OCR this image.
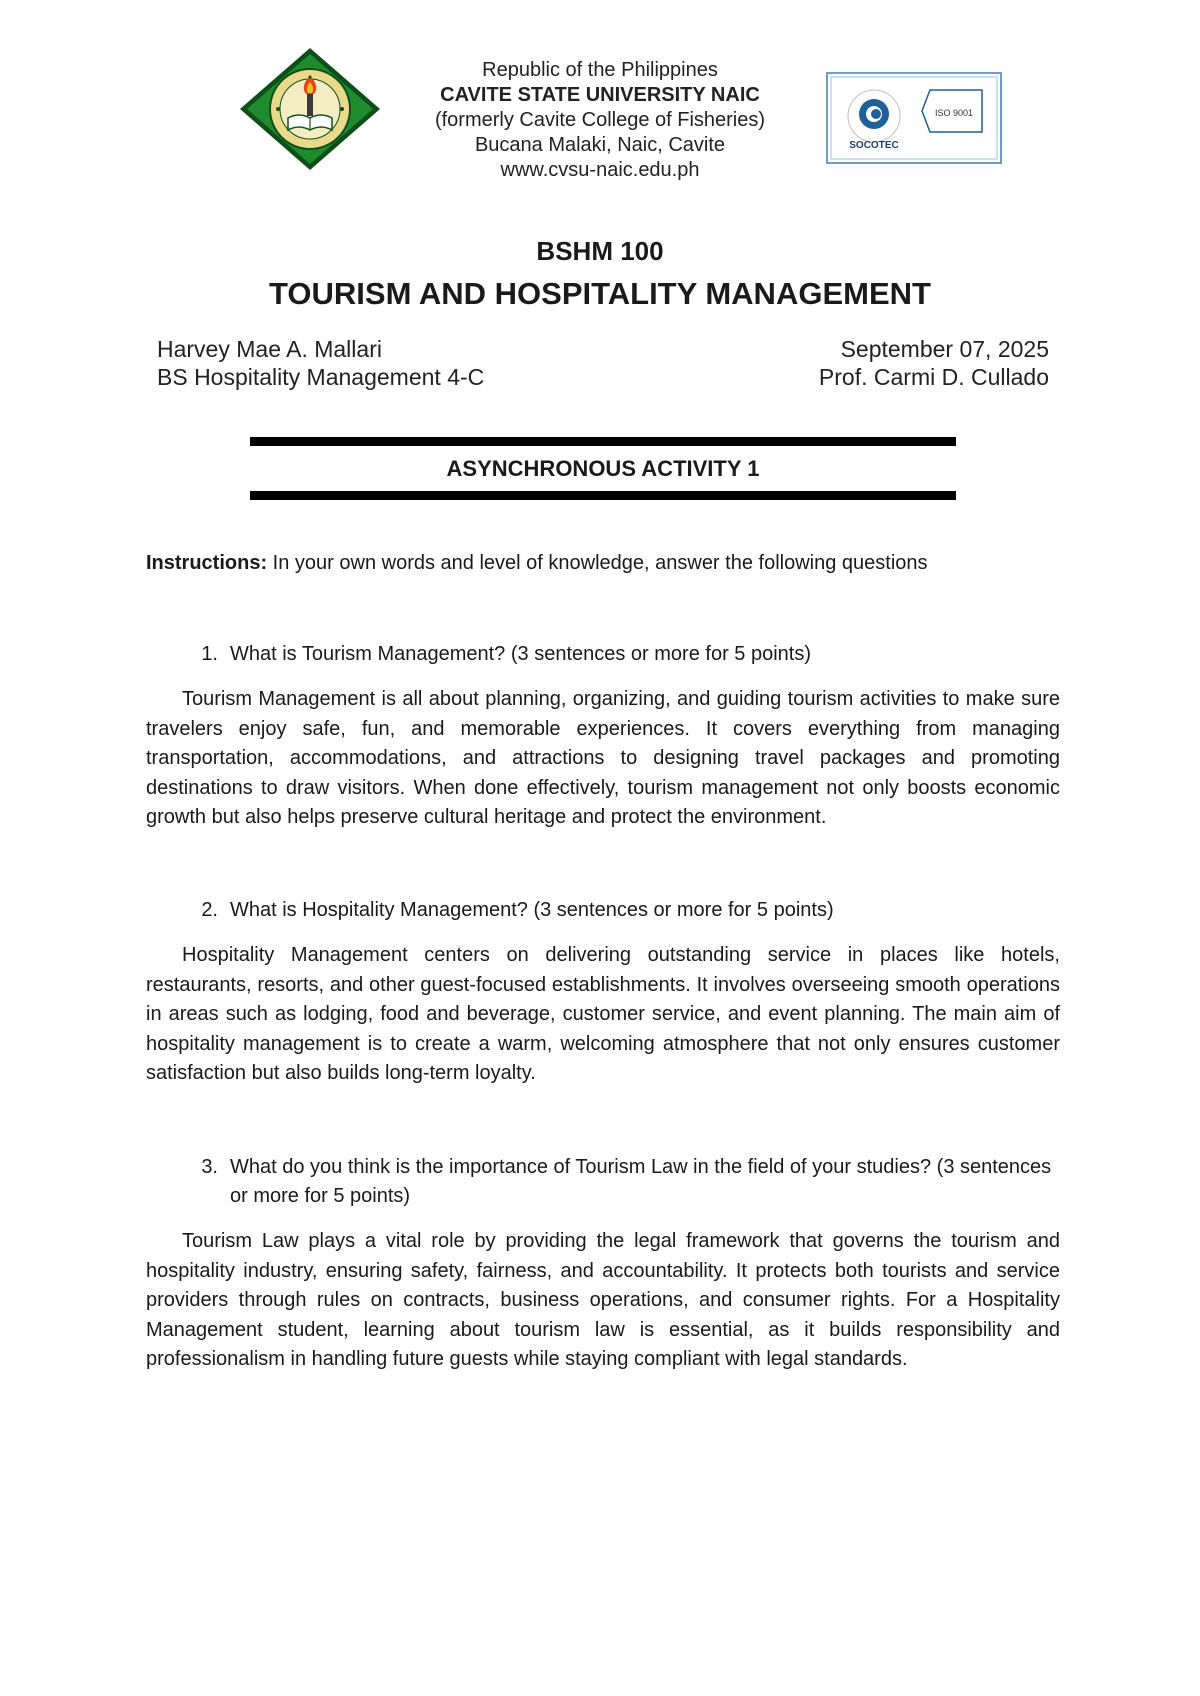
SOCOTEC
ISO 9001
Republic of the Philippines
CAVITE STATE UNIVERSITY NAIC
(formerly Cavite College of Fisheries)
Bucana Malaki, Naic, Cavite
www.cvsu-naic.edu.ph
BSHM 100
TOURISM AND HOSPITALITY MANAGEMENT
Harvey Mae A. Mallari
BS Hospitality Management 4-C
September 07, 2025
Prof. Carmi D. Cullado
ASYNCHRONOUS ACTIVITY 1
Instructions: In your own words and level of knowledge, answer the following questions
1. What is Tourism Management? (3 sentences or more for 5 points)
Tourism Management is all about planning, organizing, and guiding tourism activities to make sure travelers enjoy safe, fun, and memorable experiences. It covers everything from managing transportation, accommodations, and attractions to designing travel packages and promoting destinations to draw visitors. When done effectively, tourism management not only boosts economic growth but also helps preserve cultural heritage and protect the environment.
2. What is Hospitality Management? (3 sentences or more for 5 points)
Hospitality Management centers on delivering outstanding service in places like hotels, restaurants, resorts, and other guest-focused establishments. It involves overseeing smooth operations in areas such as lodging, food and beverage, customer service, and event planning. The main aim of hospitality management is to create a warm, welcoming atmosphere that not only ensures customer satisfaction but also builds long-term loyalty.
3. What do you think is the importance of Tourism Law in the field of your studies? (3 sentences or more for 5 points)
Tourism Law plays a vital role by providing the legal framework that governs the tourism and hospitality industry, ensuring safety, fairness, and accountability. It protects both tourists and service providers through rules on contracts, business operations, and consumer rights. For a Hospitality Management student, learning about tourism law is essential, as it builds responsibility and professionalism in handling future guests while staying compliant with legal standards.
